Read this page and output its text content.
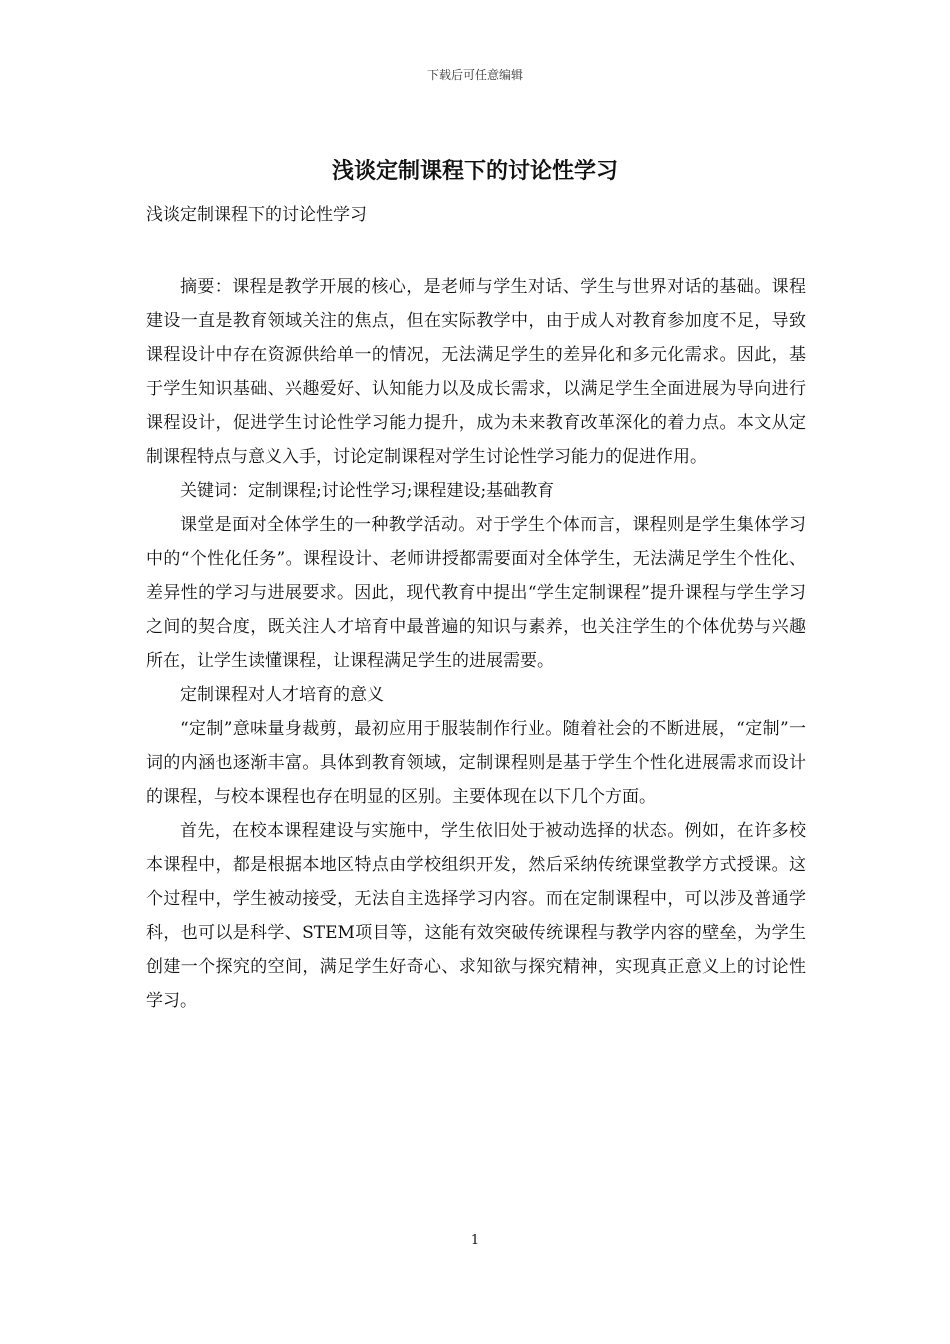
下载后可任意编辑
浅谈定制课程下的讨论性学习
浅谈定制课程下的讨论性学习

摘要：课程是教学开展的核心，是老师与学生对话、学生与世界对话的基础。课程建设一直是教育领域关注的焦点，但在实际教学中，由于成人对教育参加度不足，导致课程设计中存在资源供给单一的情况，无法满足学生的差异化和多元化需求。因此，基于学生知识基础、兴趣爱好、认知能力以及成长需求，以满足学生全面进展为导向进行课程设计，促进学生讨论性学习能力提升，成为未来教育改革深化的着力点。本文从定制课程特点与意义入手，讨论定制课程对学生讨论性学习能力的促进作用。

关键词：定制课程;讨论性学习;课程建设;基础教育

课堂是面对全体学生的一种教学活动。对于学生个体而言，课程则是学生集体学习中的“个性化任务”。课程设计、老师讲授都需要面对全体学生，无法满足学生个性化、差异性的学习与进展要求。因此，现代教育中提出“学生定制课程”提升课程与学生学习之间的契合度，既关注人才培育中最普遍的知识与素养，也关注学生的个体优势与兴趣所在，让学生读懂课程，让课程满足学生的进展需要。

定制课程对人才培育的意义

“定制”意味量身裁剪，最初应用于服装制作行业。随着社会的不断进展，“定制”一词的内涵也逐渐丰富。具体到教育领域，定制课程则是基于学生个性化进展需求而设计的课程，与校本课程也存在明显的区别。主要体现在以下几个方面。

首先，在校本课程建设与实施中，学生依旧处于被动选择的状态。例如，在许多校本课程中，都是根据本地区特点由学校组织开发，然后采纳传统课堂教学方式授课。这个过程中，学生被动接受，无法自主选择学习内容。而在定制课程中，可以涉及普通学科，也可以是科学、STEM项目等，这能有效突破传统课程与教学内容的壁垒，为学生创建一个探究的空间，满足学生好奇心、求知欲与探究精神，实现真正意义上的讨论性学习。

1
